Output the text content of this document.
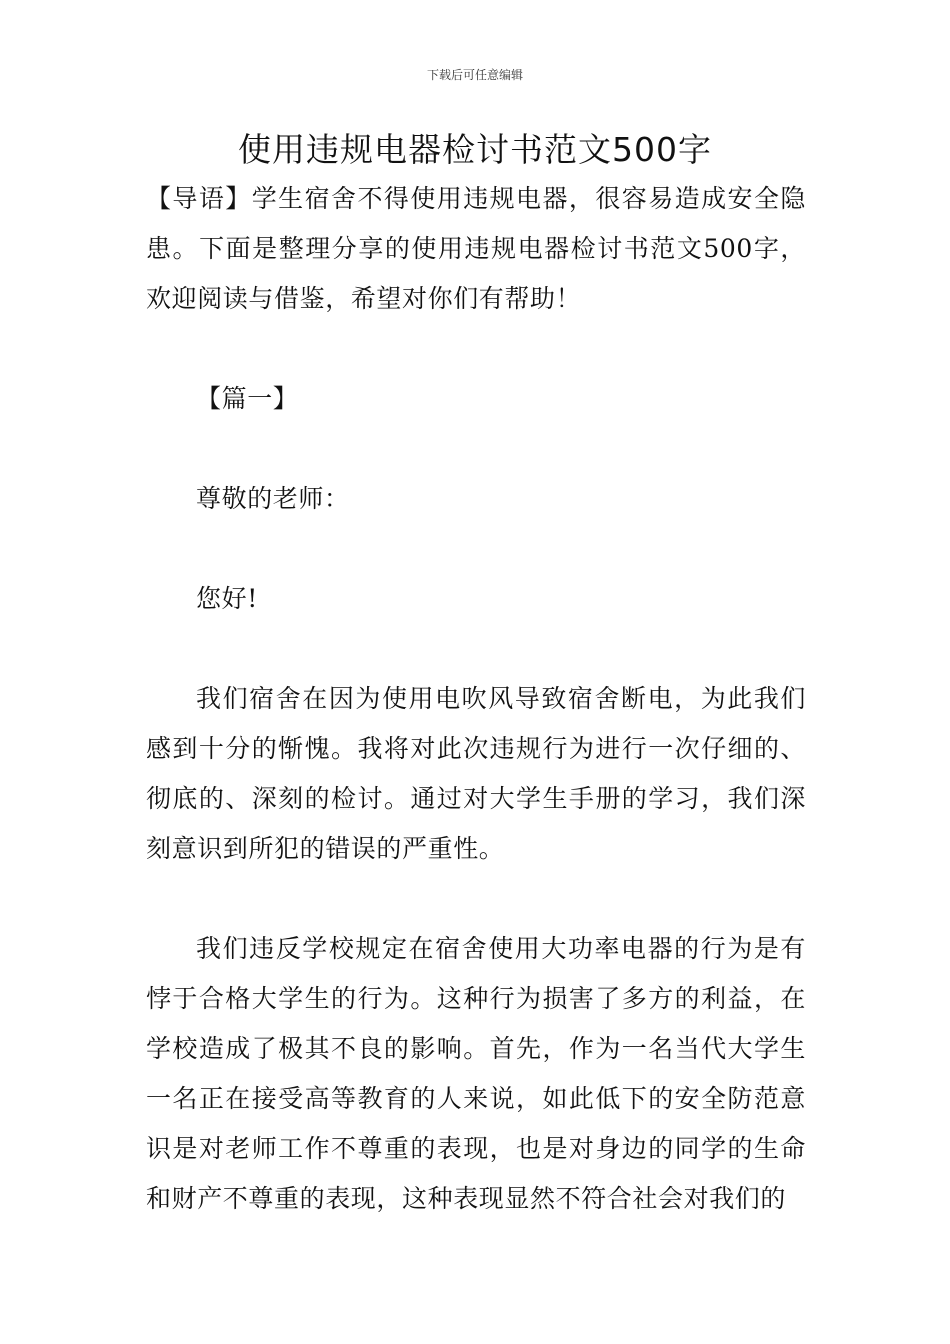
下载后可任意编辑
使用违规电器检讨书范文500字

【导语】学生宿舍不得使用违规电器，很容易造成安全隐患。下面是整理分享的使用违规电器检讨书范文500字，欢迎阅读与借鉴，希望对你们有帮助！

【篇一】

尊敬的老师：

您好!

我们宿舍在因为使用电吹风导致宿舍断电，为此我们感到十分的惭愧。我将对此次违规行为进行一次仔细的、彻底的、深刻的检讨。通过对大学生手册的学习，我们深刻意识到所犯的错误的严重性。

我们违反学校规定在宿舍使用大功率电器的行为是有悖于合格大学生的行为。这种行为损害了多方的利益，在学校造成了极其不良的影响。首先，作为一名当代大学生一名正在接受高等教育的人来说，如此低下的安全防范意识是对老师工作不尊重的表现，也是对身边的同学的生命和财产不尊重的表现，这种表现显然不符合社会对我们的
